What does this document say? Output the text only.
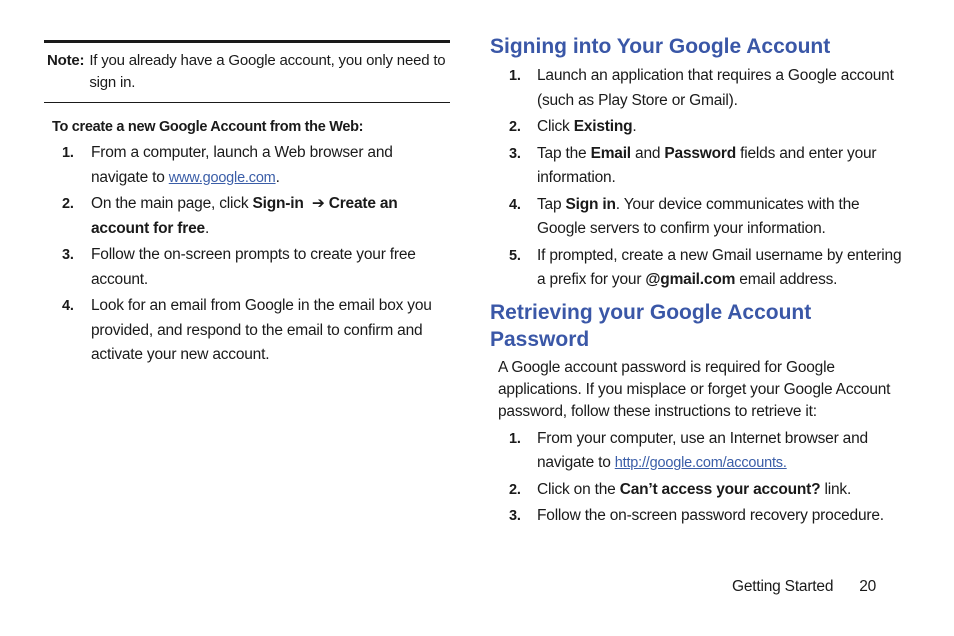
Note: If you already have a Google account, you only need to sign in.
To create a new Google Account from the Web:
1.	From a computer, launch a Web browser and navigate to www.google.com.
2.	On the main page, click Sign-in ➔ Create an account for free.
3.	Follow the on-screen prompts to create your free account.
4.	Look for an email from Google in the email box you provided, and respond to the email to confirm and activate your new account.
Signing into Your Google Account
1.	Launch an application that requires a Google account (such as Play Store or Gmail).
2.	Click Existing.
3.	Tap the Email and Password fields and enter your information.
4.	Tap Sign in. Your device communicates with the Google servers to confirm your information.
5.	If prompted, create a new Gmail username by entering a prefix for your @gmail.com email address.
Retrieving your Google Account Password
A Google account password is required for Google applications. If you misplace or forget your Google Account password, follow these instructions to retrieve it:
1.	From your computer, use an Internet browser and navigate to http://google.com/accounts.
2.	Click on the Can’t access your account? link.
3.	Follow the on-screen password recovery procedure.
Getting Started 20
